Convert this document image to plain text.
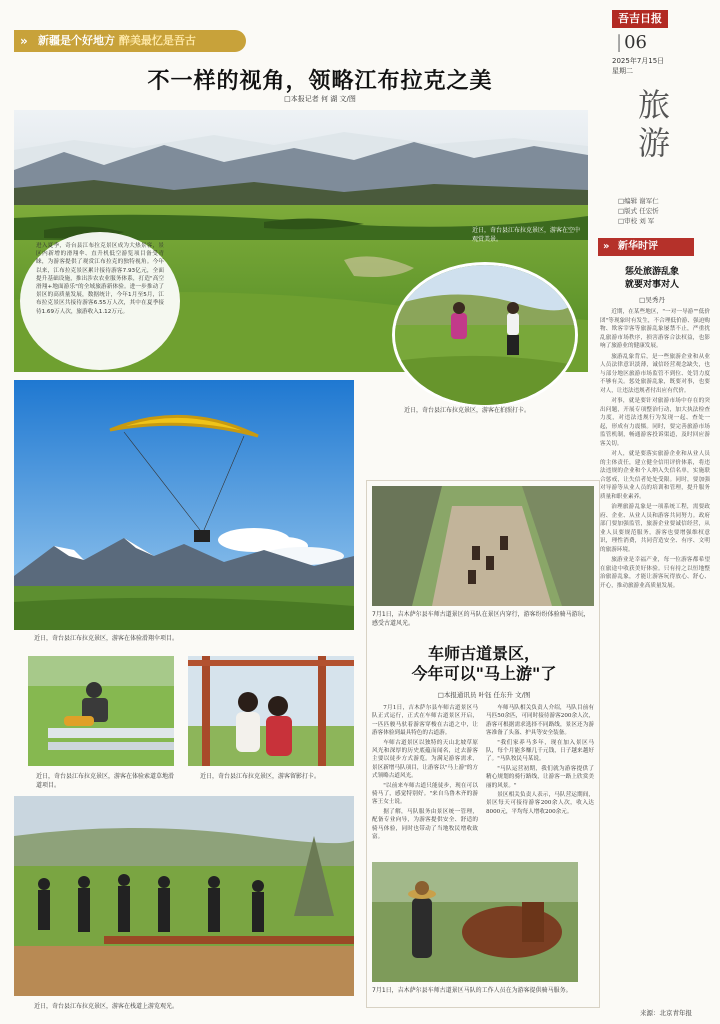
» 新疆是个好地方 醉美最忆是吾古
吾吉日报
| 06
2025年7月15日
星期二
旅游
□编辑 谢军仁
□版式 任宏忻
□审校 刘 军
近日，奇台县江布拉克景区，游客在空中观赏美景。
不一样的视角，领略江布拉克之美
□本报记者 何 湖 文/图
进入夏季，奇台县江布拉克景区成为大热景客，景区内新增的滑翔伞、直升机低空游览项目备受青睐，为游客提供了观赏江布拉克的独特视角。今年以来，江布拉克景区累计接待游客7.93亿元，全面提升基础设施，推出涉农农业服务体系，打造"高空滑翔+地面游乐"的全域旅游新体验。进一步推动了景区的高质量发展，数据统计，今年1月至5月，江布拉克景区共接待游客6.55万人次，其中在夏季接待1.69万人次，旅游收入1.12万元。
近日，奇台县江布拉克景区，游客在拍照打卡。
近日，奇台县江布拉克景区，游客在体验滑翔伞项目。
近日，奇台县江布拉克景区，游客在体验索道草地滑道项目。
近日，奇台县江布拉克景区，游客留影打卡。
近日，奇台县江布拉克景区，游客在栈道上游览观光。
7月1日，吉木萨尔县车师古道景区的马队在景区内穿行，游客纷纷体验骑马游玩，感受古道风光。
车师古道景区，
今年可以"马上游"了
□本报通讯员 叶钰 任东升 文/图

7月1日，吉木萨尔县车师古道景区马队正式运行，正式在车师古道景区开启，一匹匹骏马驮着游客穿梭在古道之中，让游客体验到最具特色的古道游。

车师古道景区以独特的天山北坡草原风光和深厚的历史底蕴而闻名，过去游客主要以徒步方式游览。为满足游客需求，景区新增马队项目，让游客以"马上游"的方式领略古道风光。

"以前来车师古道只能徒步，现在可以骑马了，感觉特别好。"来自乌鲁木齐的游客王女士说。

据了解，马队服务由景区统一管理，配备专业向导，为游客提供安全、舒适的骑马体验，同时也带动了当地牧民增收致富。

车师马队相关负责人介绍，马队目前有马匹50余匹，可同时接待游客200余人次，游客可根据需求选择不同路线，景区还为游客准备了头盔、护具等安全装备。

"我们家养马多年，现在加入景区马队，每个月能多赚几千元钱，日子越来越好了。"马队牧民马某说。

"马队运营初期，我们就为游客提供了精心规划的骑行路线，让游客一路上欣赏美丽的风景。"

景区相关负责人表示，马队营运期间，景区每天可接待游客200余人次，收入达8000元，平均每人增收200余元。

7月1日，吉木萨尔县车师古道景区马队的工作人员在为游客提供骑马服务。
» 新华时评
惩处旅游乱象
就要对事对人
□吴秀丹

近期，在某些地区，"一对一导游""低价团"等现象时有发生，不合理低价游、强迫购物、欺客宰客等旅游乱象屡禁不止，严重扰乱旅游市场秩序，损害游客合法权益，也影响了旅游业的健康发展。

旅游乱象背后，是一些旅游企业和从业人员法律意识淡薄，诚信经营观念缺失，也与部分地区旅游市场监管不到位、处罚力度不够有关。惩处旅游乱象，既要对事，也要对人，让违法违规者付出应有代价。

对事，就是要针对旅游市场中存在的突出问题，开展专项整治行动，加大执法检查力度，对违法违规行为发现一起、查处一起，形成有力震慑。同时，要完善旅游市场监管机制，畅通游客投诉渠道，及时回应游客关切。

对人，就是要落实旅游企业和从业人员的主体责任，建立健全信用评价体系，将违法违规的企业和个人纳入失信名单，实施联合惩戒，让失信者处处受限。同时，要加强对导游等从业人员的培训和管理，提升服务质量和职业素养。

治理旅游乱象是一项系统工程，需要政府、企业、从业人员和游客共同努力。政府部门要加强监管，旅游企业要诚信经营，从业人员要规范服务，游客也要增强维权意识，理性消费，共同营造安全、有序、文明的旅游环境。

旅游业是幸福产业，每一位游客都希望在旅途中收获美好体验。只有持之以恒地整治旅游乱象，才能让游客玩得放心、舒心、开心，推动旅游业高质量发展。

来源：北京青年报
